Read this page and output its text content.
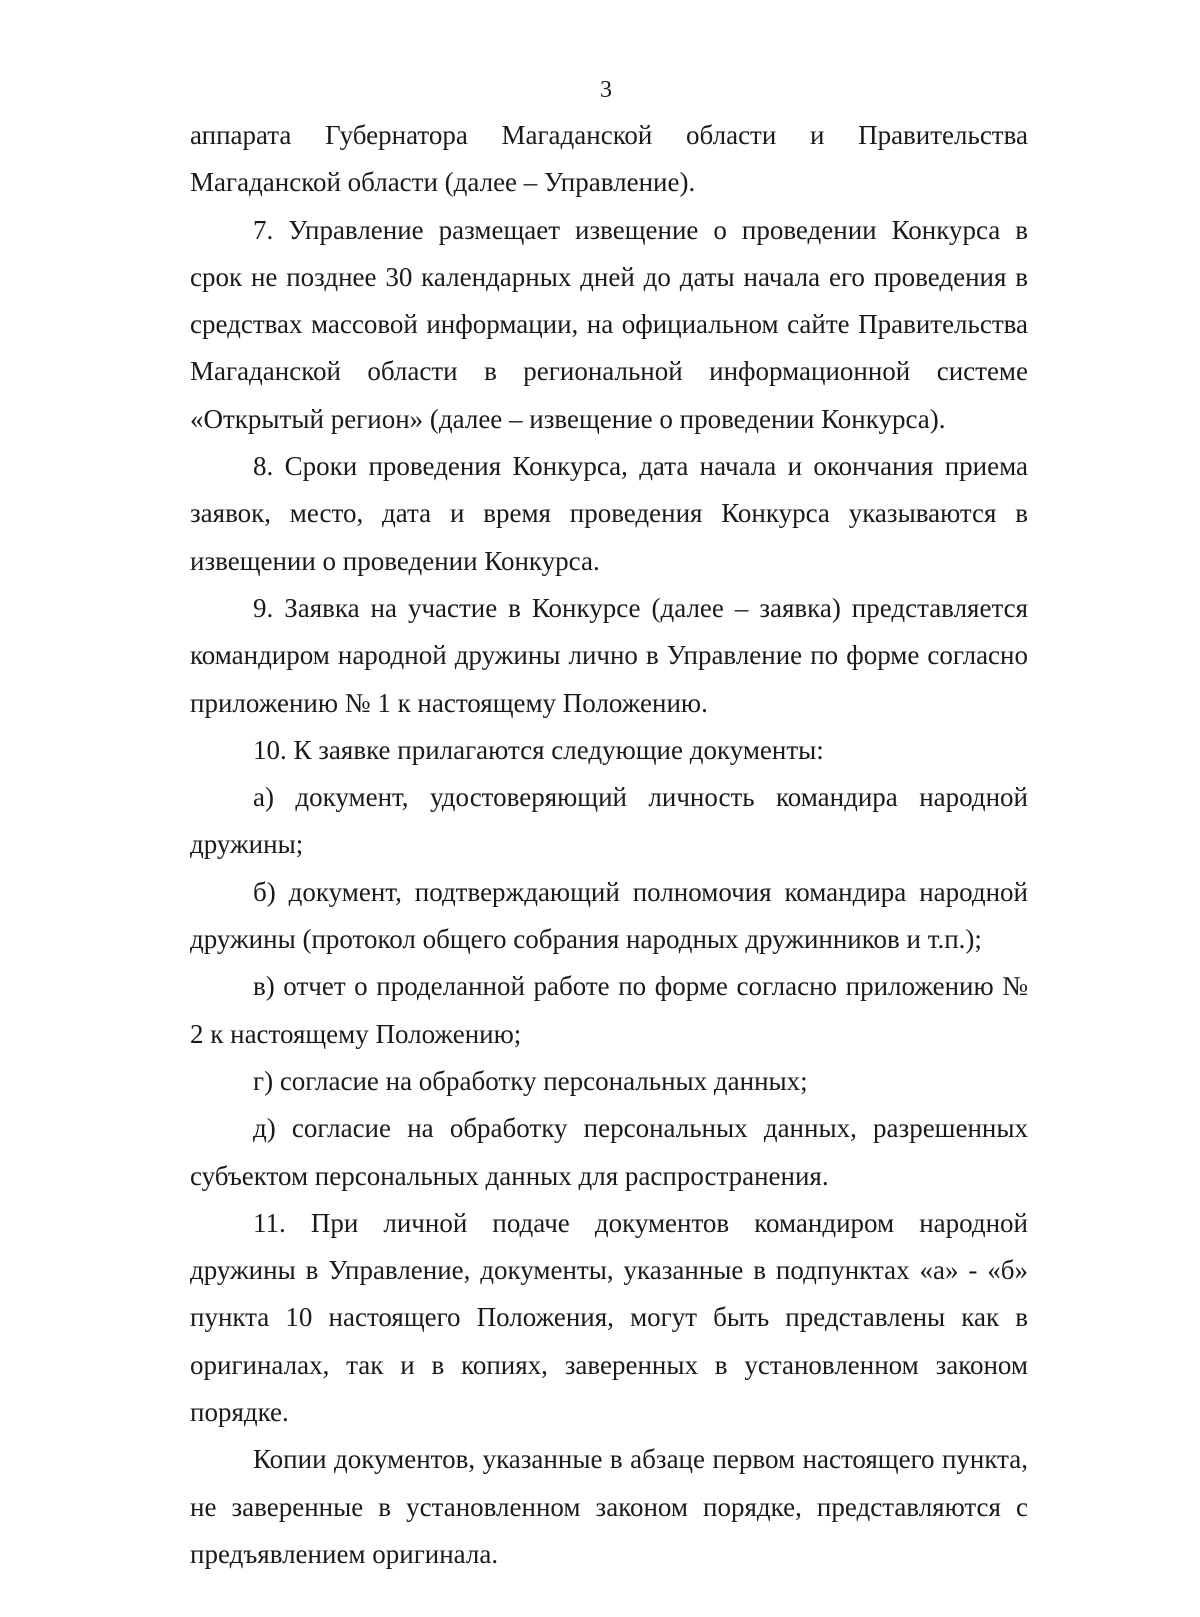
3

аппарата Губернатора Магаданской области и Правительства Магаданской области (далее – Управление).

7. Управление размещает извещение о проведении Конкурса в срок не позднее 30 календарных дней до даты начала его проведения в средствах массовой информации, на официальном сайте Правительства Магаданской области в региональной информационной системе «Открытый регион» (далее – извещение о проведении Конкурса).

8. Сроки проведения Конкурса, дата начала и окончания приема заявок, место, дата и время проведения Конкурса указываются в извещении о проведении Конкурса.

9. Заявка на участие в Конкурсе (далее – заявка) представляется командиром народной дружины лично в Управление по форме согласно приложению № 1 к настоящему Положению.

10. К заявке прилагаются следующие документы:

а) документ, удостоверяющий личность командира народной дружины;

б) документ, подтверждающий полномочия командира народной дружины (протокол общего собрания народных дружинников и т.п.);

в) отчет о проделанной работе по форме согласно приложению № 2 к настоящему Положению;

г) согласие на обработку персональных данных;

д) согласие на обработку персональных данных, разрешенных субъектом персональных данных для распространения.

11. При личной подаче документов командиром народной дружины в Управление, документы, указанные в подпунктах «а» - «б» пункта 10 настоящего Положения, могут быть представлены как в оригиналах, так и в копиях, заверенных в установленном законом порядке.

Копии документов, указанные в абзаце первом настоящего пункта, не заверенные в установленном законом порядке, представляются с предъявлением оригинала.
